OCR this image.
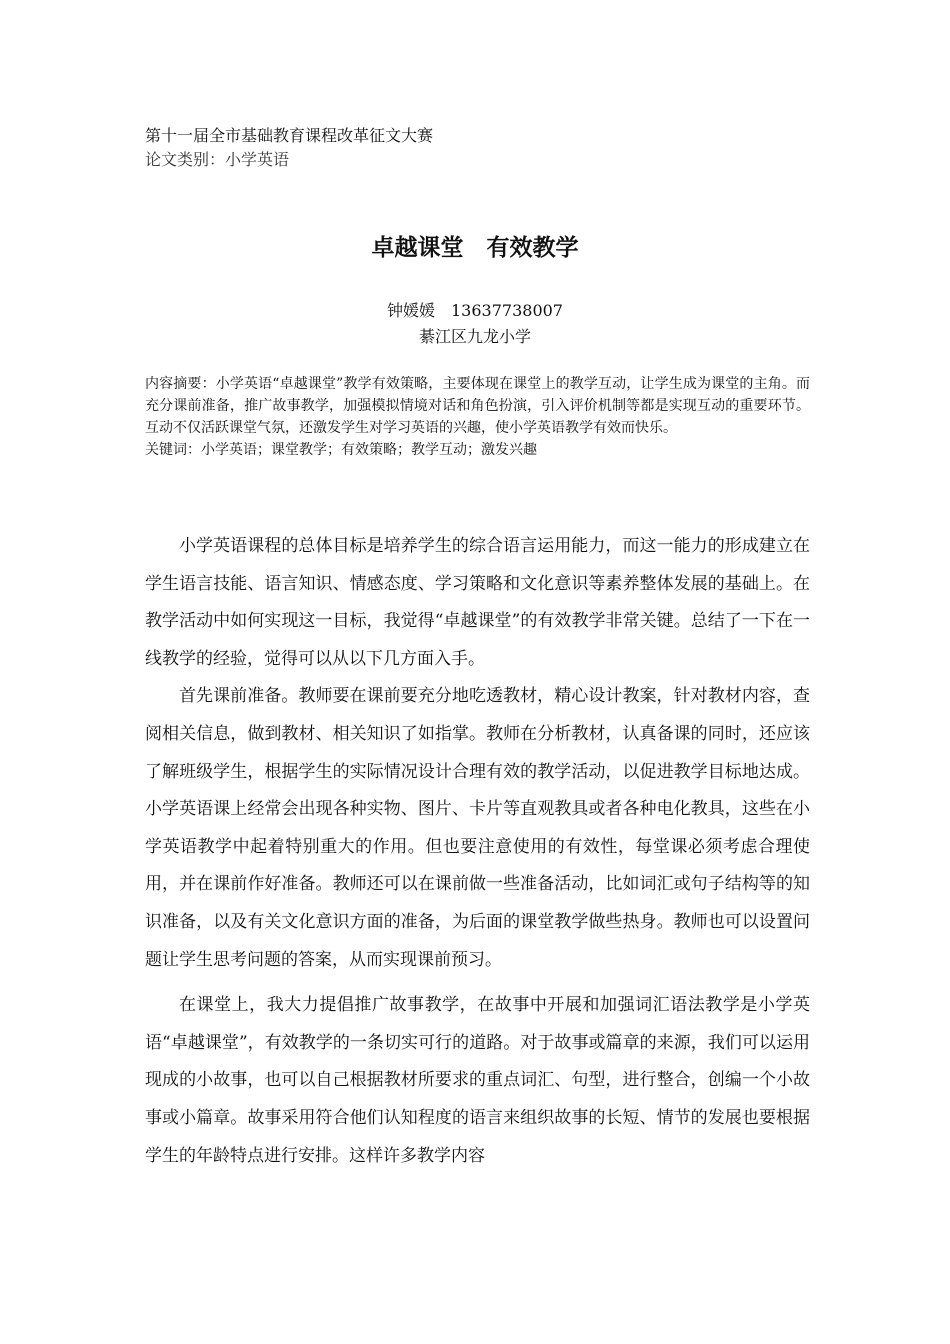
第十一届全市基础教育课程改革征文大赛
论文类别：小学英语
卓越课堂　有效教学
钟媛媛　13637738007
綦江区九龙小学
内容摘要：小学英语“卓越课堂”教学有效策略，主要体现在课堂上的教学互动，让学生成为课堂的主角。而充分课前准备，推广故事教学，加强模拟情境对话和角色扮演，引入评价机制等都是实现互动的重要环节。互动不仅活跃课堂气氛，还激发学生对学习英语的兴趣，使小学英语教学有效而快乐。
关键词：小学英语；课堂教学；有效策略；教学互动；激发兴趣

小学英语课程的总体目标是培养学生的综合语言运用能力，而这一能力的形成建立在学生语言技能、语言知识、情感态度、学习策略和文化意识等素养整体发展的基础上。在教学活动中如何实现这一目标，我觉得“卓越课堂”的有效教学非常关键。总结了一下在一线教学的经验，觉得可以从以下几方面入手。

首先课前准备。教师要在课前要充分地吃透教材，精心设计教案，针对教材内容，查阅相关信息，做到教材、相关知识了如指掌。教师在分析教材，认真备课的同时，还应该了解班级学生，根据学生的实际情况设计合理有效的教学活动，以促进教学目标地达成。小学英语课上经常会出现各种实物、图片、卡片等直观教具或者各种电化教具，这些在小学英语教学中起着特别重大的作用。但也要注意使用的有效性，每堂课必须考虑合理使用，并在课前作好准备。教师还可以在课前做一些准备活动，比如词汇或句子结构等的知识准备，以及有关文化意识方面的准备，为后面的课堂教学做些热身。教师也可以设置问题让学生思考问题的答案，从而实现课前预习。

在课堂上，我大力提倡推广故事教学，在故事中开展和加强词汇语法教学是小学英语“卓越课堂”，有效教学的一条切实可行的道路。对于故事或篇章的来源，我们可以运用现成的小故事，也可以自己根据教材所要求的重点词汇、句型，进行整合，创编一个小故事或小篇章。故事采用符合他们认知程度的语言来组织故事的长短、情节的发展也要根据学生的年龄特点进行安排。这样许多教学内容
